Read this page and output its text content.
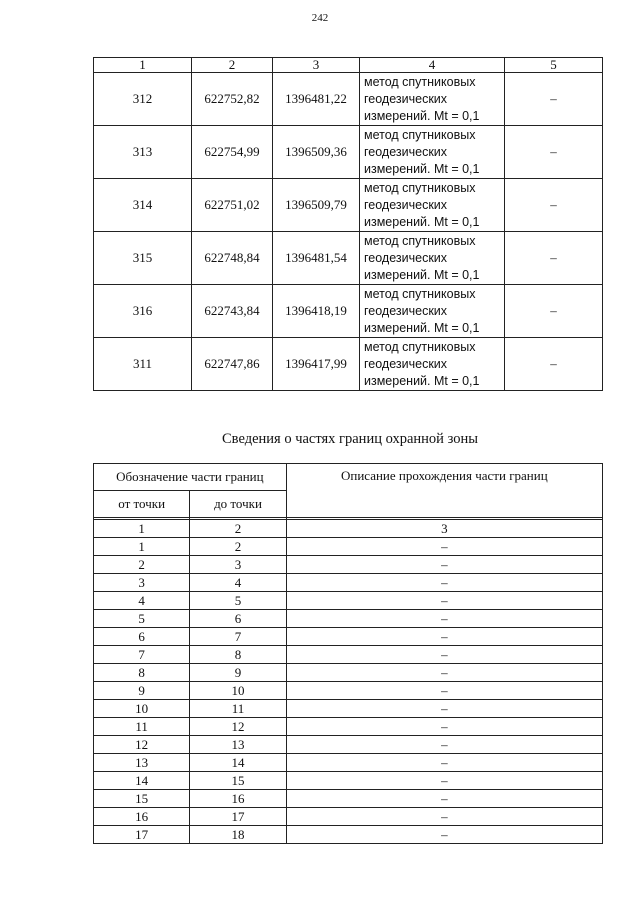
242
1	2	3	4	5
312	622752,82	1396481,22	метод спутниковых
геодезических
измерений. Mt = 0,1	–
313	622754,99	1396509,36	метод спутниковых
геодезических
измерений. Mt = 0,1	–
314	622751,02	1396509,79	метод спутниковых
геодезических
измерений. Mt = 0,1	–
315	622748,84	1396481,54	метод спутниковых
геодезических
измерений. Mt = 0,1	–
316	622743,84	1396418,19	метод спутниковых
геодезических
измерений. Mt = 0,1	–
311	622747,86	1396417,99	метод спутниковых
геодезических
измерений. Mt = 0,1	–
Сведения о частях границ охранной зоны
Обозначение части границ		Описание прохождения части границ
от точки	до точки	

1	2	3
1	2	–
2	3	–
3	4	–
4	5	–
5	6	–
6	7	–
7	8	–
8	9	–
9	10	–
10	11	–
11	12	–
12	13	–
13	14	–
14	15	–
15	16	–
16	17	–
17	18	–
